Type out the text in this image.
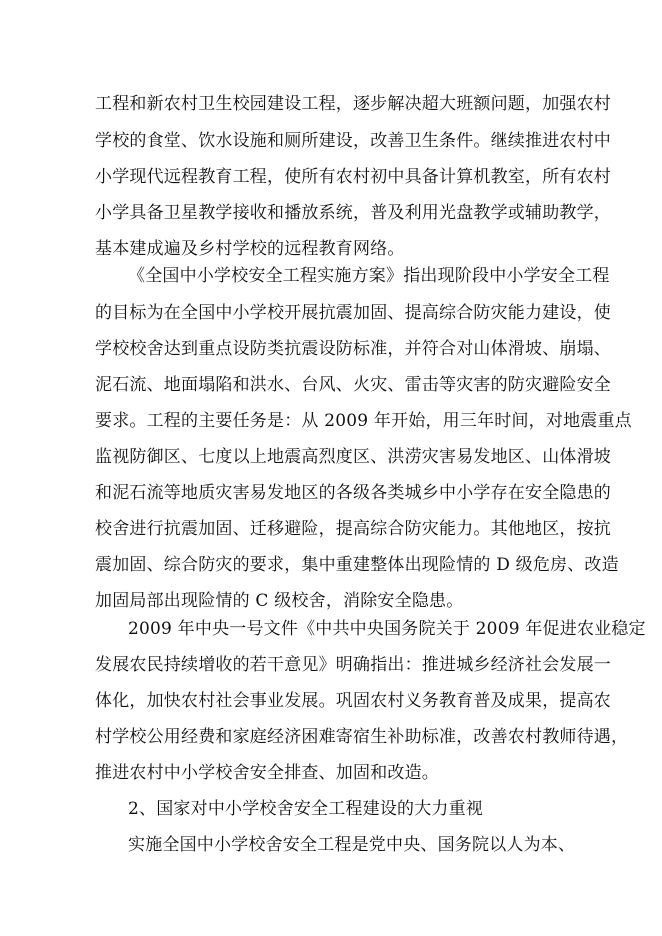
工程和新农村卫生校园建设工程，逐步解决超大班额问题，加强农村
学校的食堂、饮水设施和厕所建设，改善卫生条件。继续推进农村中
小学现代远程教育工程，使所有农村初中具备计算机教室，所有农村
小学具备卫星教学接收和播放系统，普及利用光盘教学或辅助教学，
基本建成遍及乡村学校的远程教育网络。
《全国中小学校安全工程实施方案》指出现阶段中小学安全工程
的目标为在全国中小学校开展抗震加固、提高综合防灾能力建设，使
学校校舍达到重点设防类抗震设防标准，并符合对山体滑坡、崩塌、
泥石流、地面塌陷和洪水、台风、火灾、雷击等灾害的防灾避险安全
要求。工程的主要任务是：从 2009 年开始，用三年时间，对地震重点
监视防御区、七度以上地震高烈度区、洪涝灾害易发地区、山体滑坡
和泥石流等地质灾害易发地区的各级各类城乡中小学存在安全隐患的
校舍进行抗震加固、迁移避险，提高综合防灾能力。其他地区，按抗
震加固、综合防灾的要求，集中重建整体出现险情的 D 级危房、改造
加固局部出现险情的 C 级校舍，消除安全隐患。
2009 年中央一号文件《中共中央国务院关于 2009 年促进农业稳定
发展农民持续增收的若干意见》明确指出：推进城乡经济社会发展一
体化，加快农村社会事业发展。巩固农村义务教育普及成果，提高农
村学校公用经费和家庭经济困难寄宿生补助标准，改善农村教师待遇，
推进农村中小学校舍安全排查、加固和改造。
2、国家对中小学校舍安全工程建设的大力重视
实施全国中小学校舍安全工程是党中央、国务院以人为本、
